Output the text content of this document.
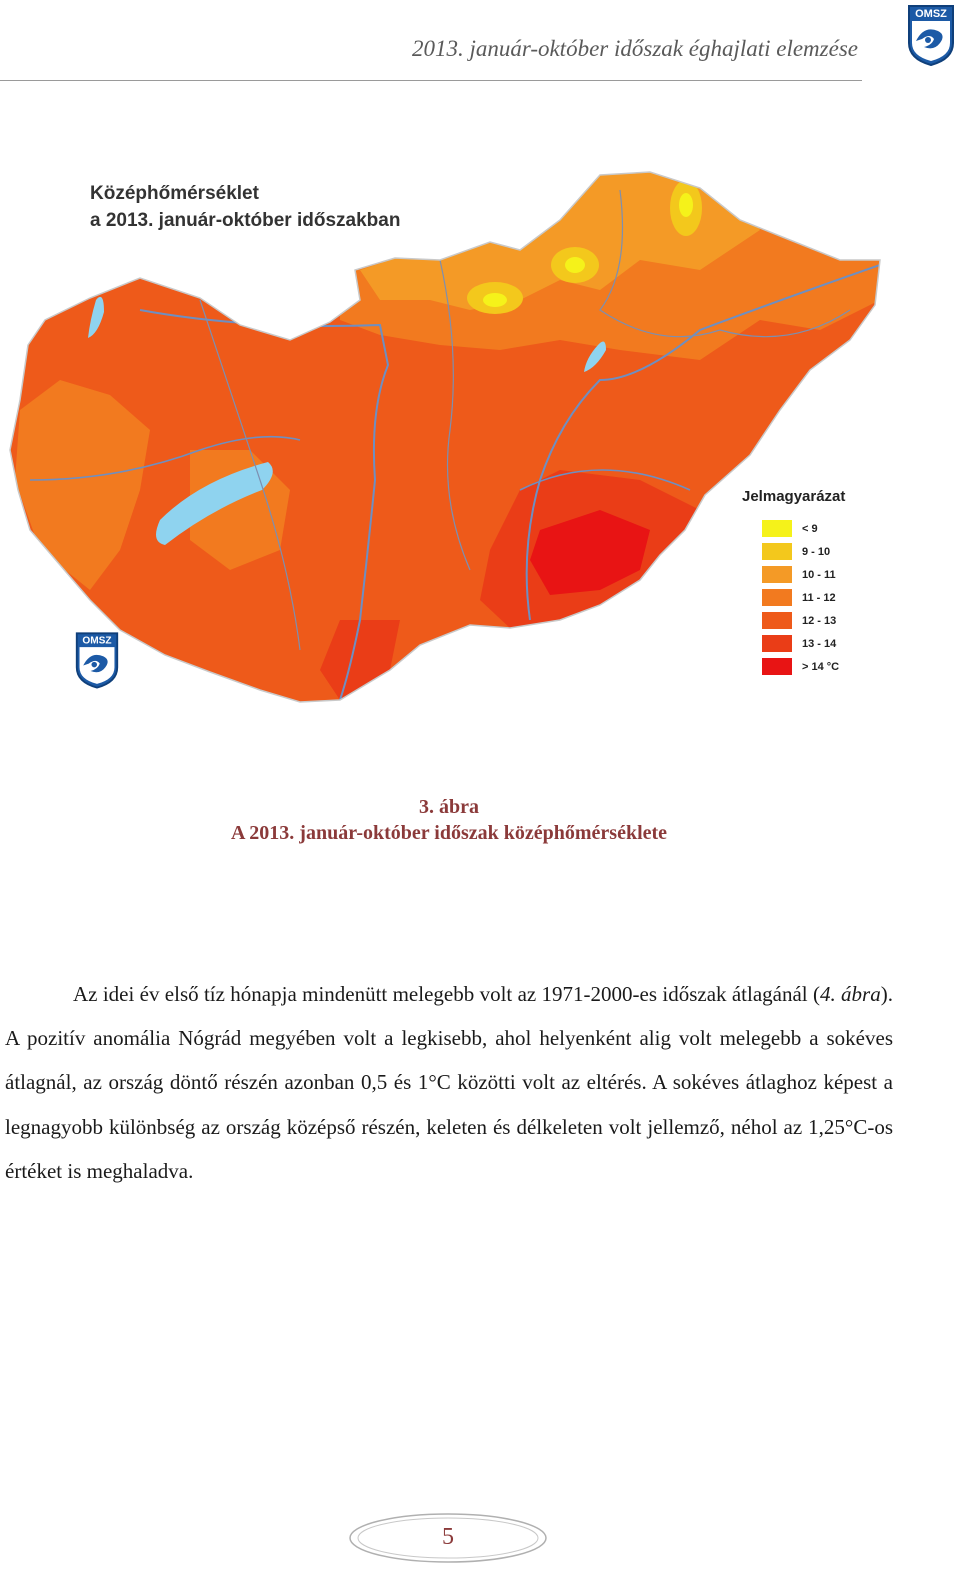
2013. január-október időszak éghajlati elemzése
OMSZ
Középhőmérséklet
a 2013. január-október időszakban
OMSZ
Jelmagyarázat
< 9
9 - 10
10 - 11
11 - 12
12 - 13
13 - 14
> 14 °C
3. ábra
A 2013. január-október időszak középhőmérséklete
Az idei év első tíz hónapja mindenütt melegebb volt az 1971-2000-es időszak átlagánál (4. ábra). A pozitív anomália Nógrád megyében volt a legkisebb, ahol helyenként alig volt melegebb a sokéves átlagnál, az ország döntő részén azonban 0,5 és 1°C közötti volt az eltérés. A sokéves átlaghoz képest a legnagyobb különbség az ország középső részén, keleten és délkeleten volt jellemző, néhol az 1,25°C-os értéket is meghaladva.
5
